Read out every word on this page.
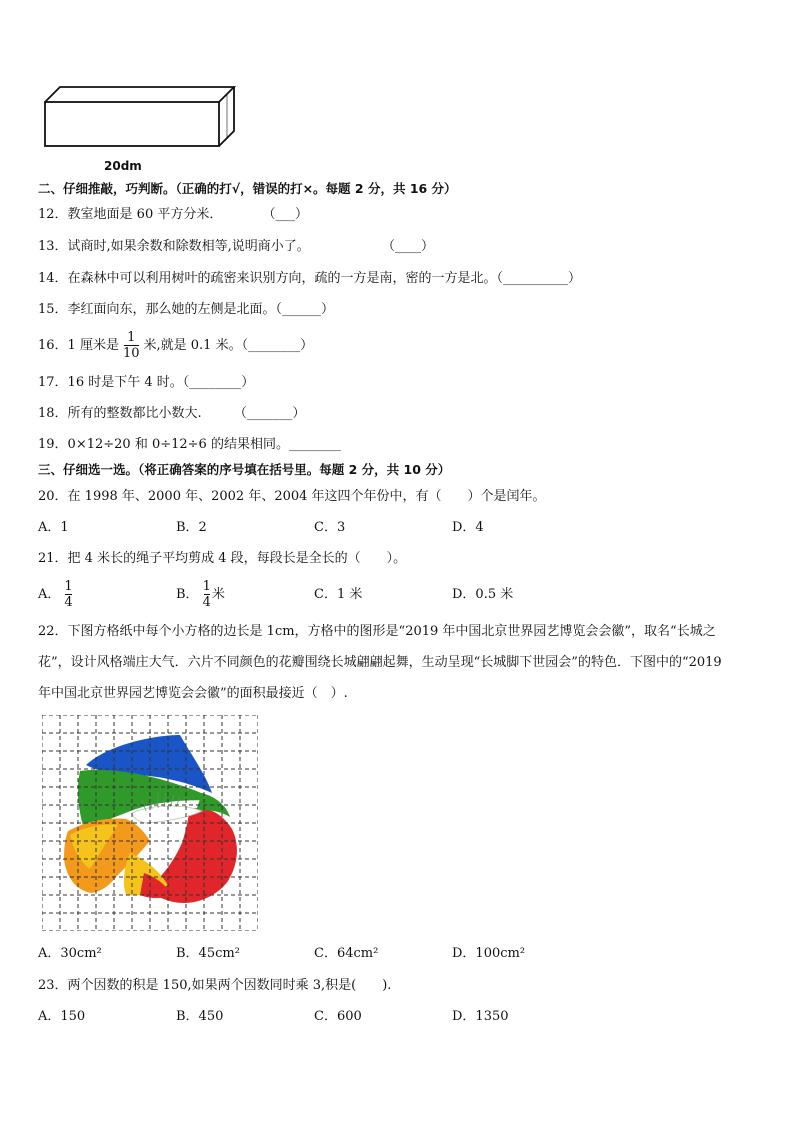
20dm
二、仔细推敲，巧判断。（正确的打√，错误的打×。每题 2 分，共 16 分）
12．教室地面是 60 平方分米．	（___）
13．试商时,如果余数和除数相等,说明商小了。	（____）
14．在森林中可以利用树叶的疏密来识别方向，疏的一方是南，密的一方是北。（__________）
15．李红面向东，那么她的左侧是北面。（______）
16．1 厘米是 $\frac{1}{10}$ 米,就是 0.1 米。（________）
17．16 时是下午 4 时。（________）
18．所有的整数都比小数大. （_______）
19．0×12÷20 和 0÷12÷6 的结果相同。________
三、仔细选一选。（将正确答案的序号填在括号里。每题 2 分，共 10 分）
20．在 1998 年、2000 年、2002 年、2004 年这四个年份中，有（　　）个是闰年。
A．1	B．2	C．3	D．4
21．把 4 米长的绳子平均剪成 4 段，每段长是全长的（　　）。
A． $\frac{1}{4}$	B． $\frac{1}{4}$ 米	C．1 米	D．0.5 米
22．下图方格纸中每个小方格的边长是 1cm，方格中的图形是“2019 年中国北京世界园艺博览会会徽”，取名“长城之
花”，设计风格端庄大气．六片不同颜色的花瓣围绕长城翩翩起舞，生动呈现“长城脚下世园会”的特色．下图中的“2019
年中国北京世界园艺博览会会徽”的面积最接近（　）.
A．30cm²	B．45cm²	C．64cm²	D．100cm²
23．两个因数的积是 150,如果两个因数同时乘 3,积是(　　).
A．150	B．450	C．600	D．1350
